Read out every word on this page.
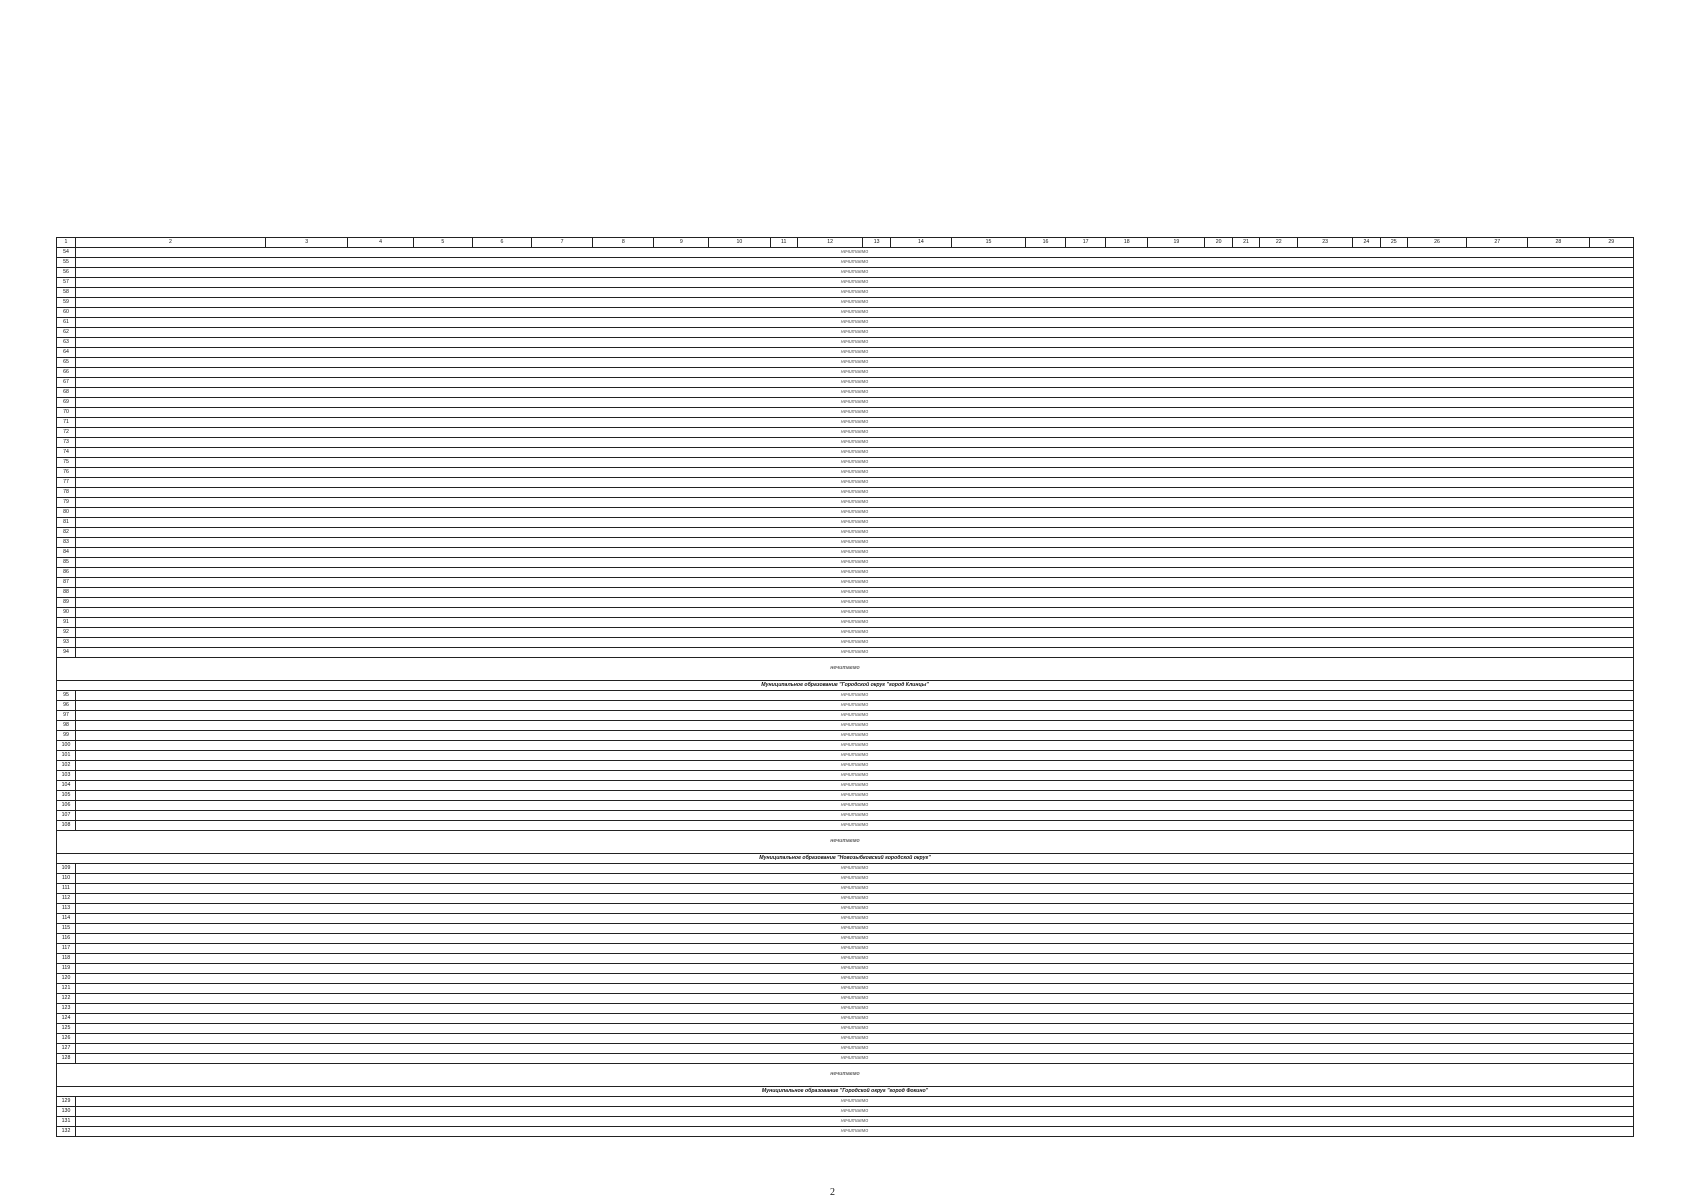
1	2	3	4	5	6	7	8	9	10	11	12	13	14	15	16	17	18	19	20	21	22	23	24	25	26	27	28	29
54	нечитаемо																											
55	нечитаемо																											
56	нечитаемо																											
57	нечитаемо																											
58	нечитаемо																											
59	нечитаемо																											
60	нечитаемо																											
61	нечитаемо																											
62	нечитаемо																											
63	нечитаемо																											
64	нечитаемо																											
65	нечитаемо																											
66	нечитаемо																											
67	нечитаемо																											
68	нечитаемо																											
69	нечитаемо																											
70	нечитаемо																											
71	нечитаемо																											
72	нечитаемо																											
73	нечитаемо																											
74	нечитаемо																											
75	нечитаемо																											
76	нечитаемо																											
77	нечитаемо																											
78	нечитаемо																											
79	нечитаемо																											
80	нечитаемо																											
81	нечитаемо																											
82	нечитаемо																											
83	нечитаемо																											
84	нечитаемо																											
85	нечитаемо																											
86	нечитаемо																											
87	нечитаемо																											
88	нечитаемо																											
89	нечитаемо																											
90	нечитаемо																											
91	нечитаемо																											
92	нечитаемо																											
93	нечитаемо																											
94	нечитаемо																											
нечитаемо																												
Муниципальное образование "Городской округ "город Клинцы"																												
95	нечитаемо																											
96	нечитаемо																											
97	нечитаемо																											
98	нечитаемо																											
99	нечитаемо																											
100	нечитаемо																											
101	нечитаемо																											
102	нечитаемо																											
103	нечитаемо																											
104	нечитаемо																											
105	нечитаемо																											
106	нечитаемо																											
107	нечитаемо																											
108	нечитаемо																											
нечитаемо																												
Муниципальное образование "Новозыбковский городской округ"																												
109	нечитаемо																											
110	нечитаемо																											
111	нечитаемо																											
112	нечитаемо																											
113	нечитаемо																											
114	нечитаемо																											
115	нечитаемо																											
116	нечитаемо																											
117	нечитаемо																											
118	нечитаемо																											
119	нечитаемо																											
120	нечитаемо																											
121	нечитаемо																											
122	нечитаемо																											
123	нечитаемо																											
124	нечитаемо																											
125	нечитаемо																											
126	нечитаемо																											
127	нечитаемо																											
128	нечитаемо																											
нечитаемо																												
Муниципальное образование "Городской округ "город Фокино"																												
129	нечитаемо																											
130	нечитаемо																											
131	нечитаемо																											
132	нечитаемо																											
2
